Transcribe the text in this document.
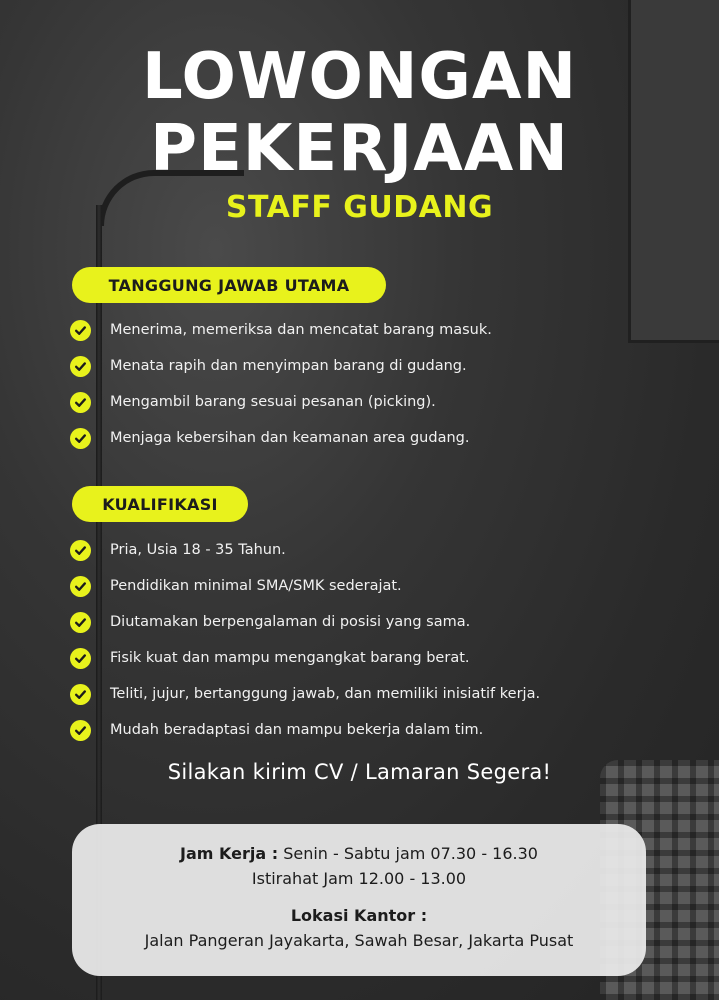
LOWONGAN
PEKERJAAN
STAFF GUDANG
TANGGUNG JAWAB UTAMA
Menerima, memeriksa dan mencatat barang masuk.
Menata rapih dan menyimpan barang di gudang.
Mengambil barang sesuai pesanan (picking).
Menjaga kebersihan dan keamanan area gudang.
KUALIFIKASI
Pria, Usia 18 - 35 Tahun.
Pendidikan minimal SMA/SMK sederajat.
Diutamakan berpengalaman di posisi yang sama.
Fisik kuat dan mampu mengangkat barang berat.
Teliti, jujur, bertanggung jawab, dan memiliki inisiatif kerja.
Mudah beradaptasi dan mampu bekerja dalam tim.
Silakan kirim CV / Lamaran Segera!
Jam Kerja : Senin - Sabtu jam 07.30 - 16.30
Istirahat Jam 12.00 - 13.00
Lokasi Kantor :
Jalan Pangeran Jayakarta, Sawah Besar, Jakarta Pusat
